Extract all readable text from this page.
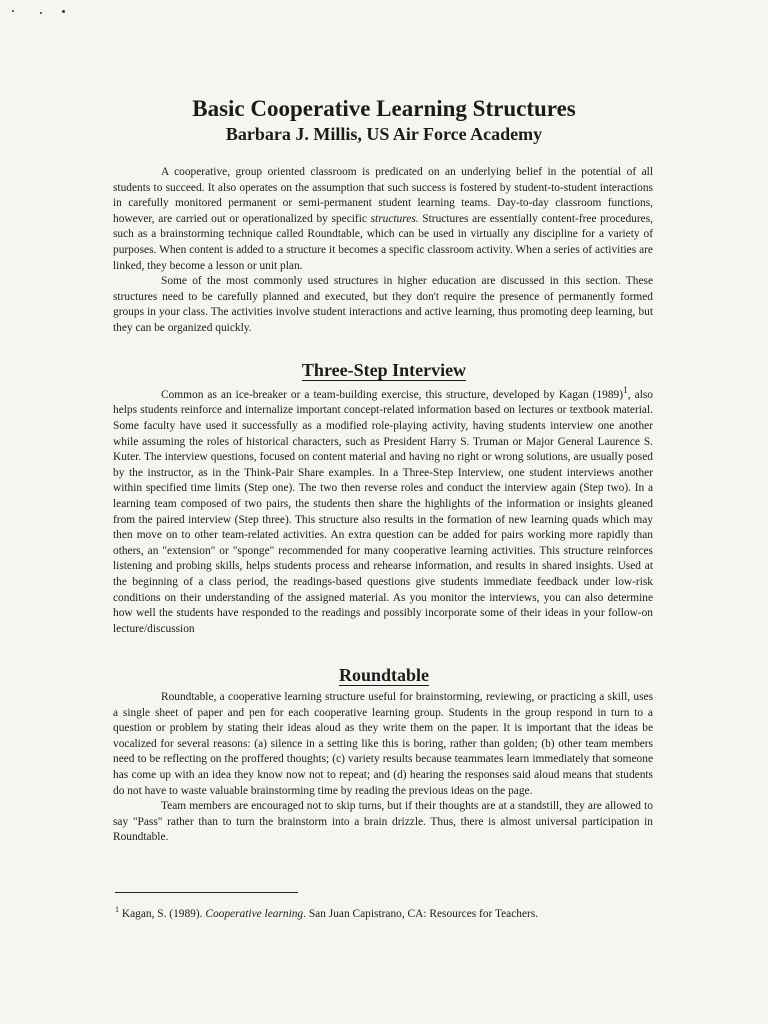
Basic Cooperative Learning Structures
Barbara J. Millis, US Air Force Academy

A cooperative, group oriented classroom is predicated on an underlying belief in the potential of all students to succeed. It also operates on the assumption that such success is fostered by student-to-student interactions in carefully monitored permanent or semi-permanent student learning teams. Day-to-day classroom functions, however, are carried out or operationalized by specific structures. Structures are essentially content-free procedures, such as a brainstorming technique called Roundtable, which can be used in virtually any discipline for a variety of purposes. When content is added to a structure it becomes a specific classroom activity. When a series of activities are linked, they become a lesson or unit plan.

Some of the most commonly used structures in higher education are discussed in this section. These structures need to be carefully planned and executed, but they don't require the presence of permanently formed groups in your class. The activities involve student interactions and active learning, thus promoting deep learning, but they can be organized quickly.

Three-Step Interview

Common as an ice-breaker or a team-building exercise, this structure, developed by Kagan $(1989)^1$, also helps students reinforce and internalize important concept-related information based on lectures or textbook material. Some faculty have used it successfully as a modified role-playing activity, having students interview one another while assuming the roles of historical characters, such as President Harry S. Truman or Major General Laurence S. Kuter. The interview questions, focused on content material and having no right or wrong solutions, are usually posed by the instructor, as in the Think-Pair Share examples. In a Three-Step Interview, one student interviews another within specified time limits (Step one). The two then reverse roles and conduct the interview again (Step two). In a learning team composed of two pairs, the students then share the highlights of the information or insights gleaned from the paired interview (Step three). This structure also results in the formation of new learning quads which may then move on to other team-related activities. An extra question can be added for pairs working more rapidly than others, an "extension" or "sponge" recommended for many cooperative learning activities. This structure reinforces listening and probing skills, helps students process and rehearse information, and results in shared insights. Used at the beginning of a class period, the readings-based questions give students immediate feedback under low-risk conditions on their understanding of the assigned material. As you monitor the interviews, you can also determine how well the students have responded to the readings and possibly incorporate some of their ideas in your follow-on lecture/discussion

Roundtable

Roundtable, a cooperative learning structure useful for brainstorming, reviewing, or practicing a skill, uses a single sheet of paper and pen for each cooperative learning group. Students in the group respond in turn to a question or problem by stating their ideas aloud as they write them on the paper. It is important that the ideas be vocalized for several reasons: (a) silence in a setting like this is boring, rather than golden; (b) other team members need to be reflecting on the proffered thoughts; (c) variety results because teammates learn immediately that someone has come up with an idea they know now not to repeat; and (d) hearing the responses said aloud means that students do not have to waste valuable brainstorming time by reading the previous ideas on the page.

Team members are encouraged not to skip turns, but if their thoughts are at a standstill, they are allowed to say "Pass" rather than to turn the brainstorm into a brain drizzle. Thus, there is almost universal participation in Roundtable.

$^1$ Kagan, S. (1989). Cooperative learning. San Juan Capistrano, CA: Resources for Teachers.
